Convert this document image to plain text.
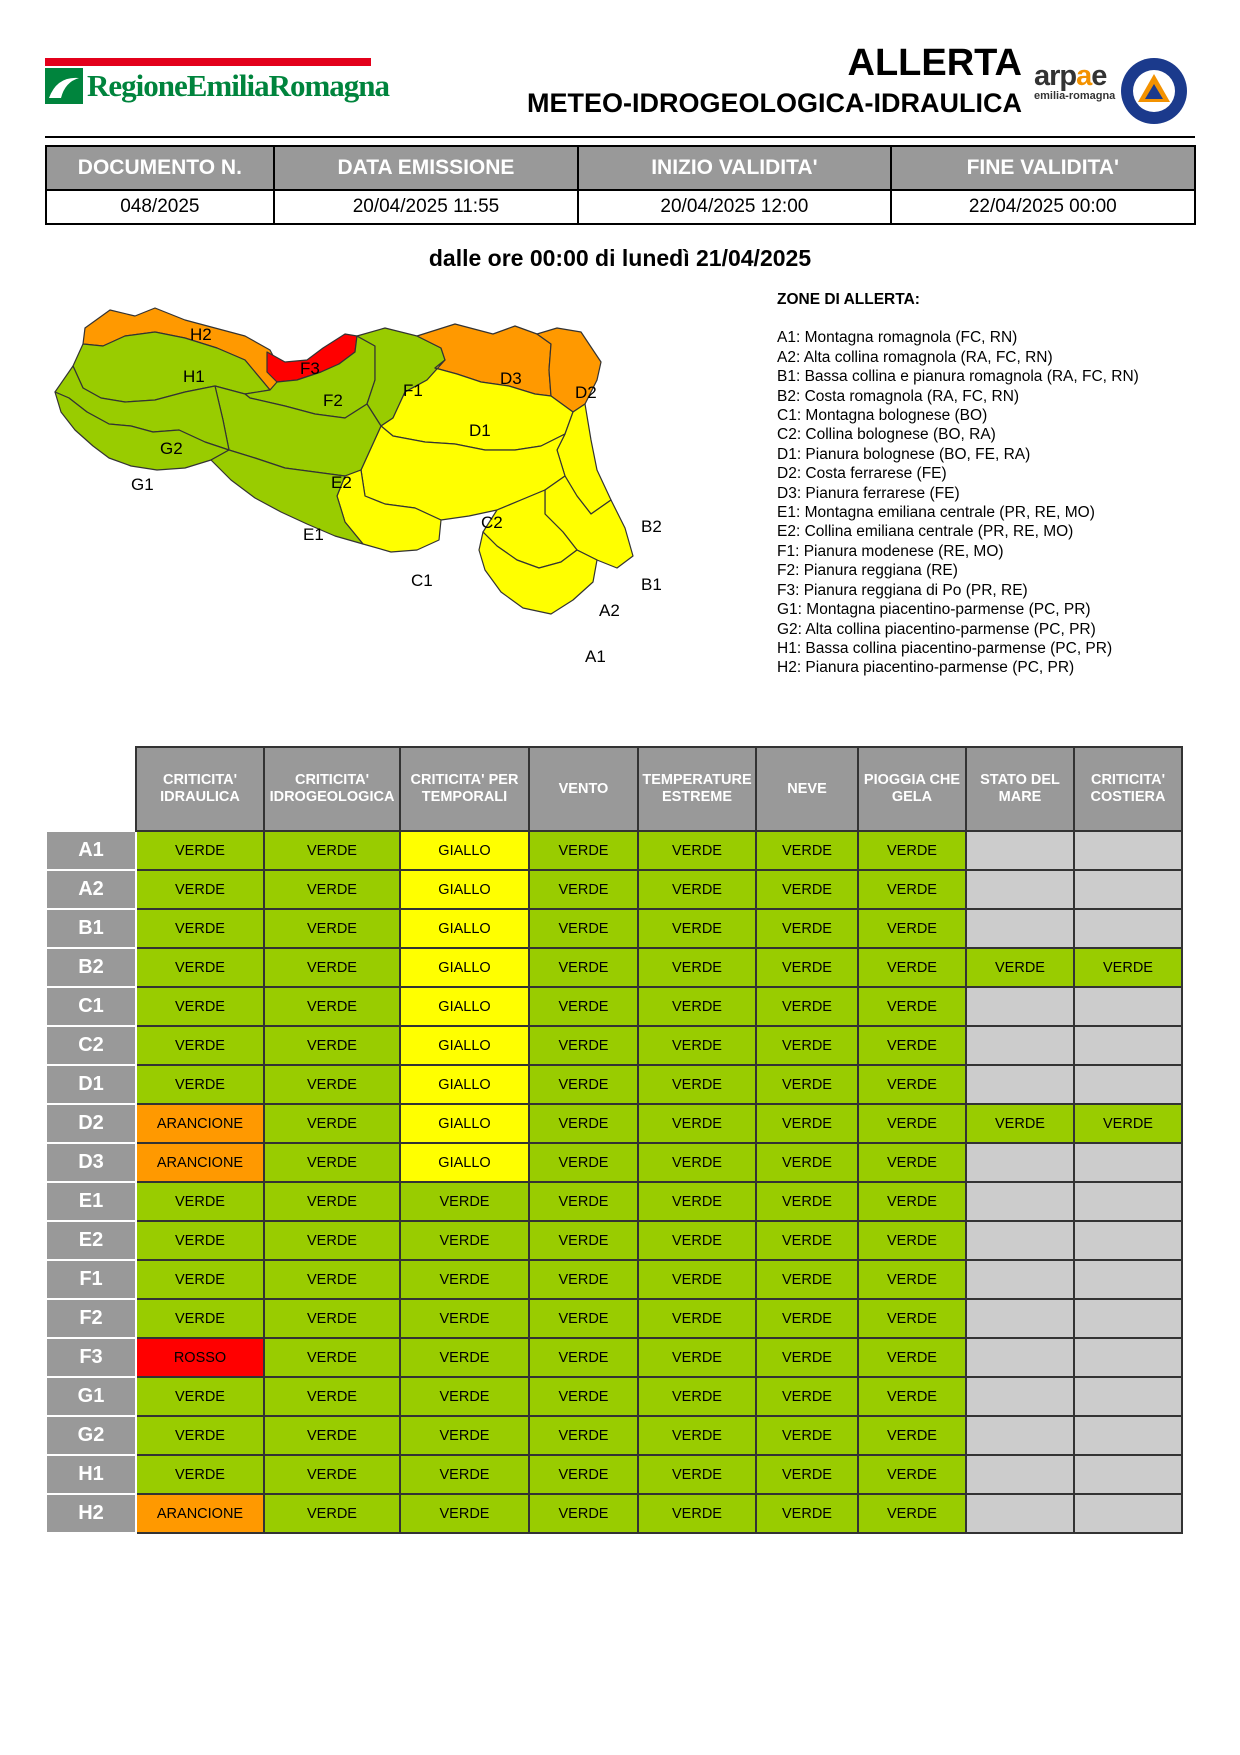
RegioneEmiliaRomagna
ALLERTA
METEO-IDROGEOLOGICA-IDRAULICA
arpae
emilia-romagna
DOCUMENTO N.	DATA EMISSIONE	INIZIO VALIDITA'	FINE VALIDITA'
048/2025	20/04/2025 11:55	20/04/2025 12:00	22/04/2025 00:00
dalle ore 00:00 di lunedì 21/04/2025
H2
F3
H1
F2
F1
D3
D2
D1
G2
E2
G1
C2	B2
E1
C1	B1
A2
A1
ZONE DI ALLERTA:
A1: Montagna romagnola (FC, RN)
A2: Alta collina romagnola (RA, FC, RN)
B1: Bassa collina e pianura romagnola (RA, FC, RN)
B2: Costa romagnola (RA, FC, RN)
C1: Montagna bolognese (BO)
C2: Collina bolognese (BO, RA)
D1: Pianura bolognese (BO, FE, RA)
D2: Costa ferrarese (FE)
D3: Pianura ferrarese (FE)
E1: Montagna emiliana centrale (PR, RE, MO)
E2: Collina emiliana centrale (PR, RE, MO)
F1: Pianura modenese (RE, MO)
F2: Pianura reggiana (RE)
F3: Pianura reggiana di Po (PR, RE)
G1: Montagna piacentino-parmense (PC, PR)
G2: Alta collina piacentino-parmense (PC, PR)
H1: Bassa collina piacentino-parmense (PC, PR)
H2: Pianura piacentino-parmense (PC, PR)
	CRITICITA' IDRAULICA	CRITICITA' IDROGEOLOGICA	CRITICITA' PER TEMPORALI	VENTO	TEMPERATURE ESTREME	NEVE	PIOGGIA CHE GELA	STATO DEL MARE	CRITICITA' COSTIERA
A1	VERDE	VERDE	GIALLO	VERDE	VERDE	VERDE	VERDE		
A2	VERDE	VERDE	GIALLO	VERDE	VERDE	VERDE	VERDE		
B1	VERDE	VERDE	GIALLO	VERDE	VERDE	VERDE	VERDE		
B2	VERDE	VERDE	GIALLO	VERDE	VERDE	VERDE	VERDE	VERDE	VERDE
C1	VERDE	VERDE	GIALLO	VERDE	VERDE	VERDE	VERDE		
C2	VERDE	VERDE	GIALLO	VERDE	VERDE	VERDE	VERDE		
D1	VERDE	VERDE	GIALLO	VERDE	VERDE	VERDE	VERDE		
D2	ARANCIONE	VERDE	GIALLO	VERDE	VERDE	VERDE	VERDE	VERDE	VERDE
D3	ARANCIONE	VERDE	GIALLO	VERDE	VERDE	VERDE	VERDE		
E1	VERDE	VERDE	VERDE	VERDE	VERDE	VERDE	VERDE		
E2	VERDE	VERDE	VERDE	VERDE	VERDE	VERDE	VERDE		
F1	VERDE	VERDE	VERDE	VERDE	VERDE	VERDE	VERDE		
F2	VERDE	VERDE	VERDE	VERDE	VERDE	VERDE	VERDE		
F3	ROSSO	VERDE	VERDE	VERDE	VERDE	VERDE	VERDE		
G1	VERDE	VERDE	VERDE	VERDE	VERDE	VERDE	VERDE		
G2	VERDE	VERDE	VERDE	VERDE	VERDE	VERDE	VERDE		
H1	VERDE	VERDE	VERDE	VERDE	VERDE	VERDE	VERDE		
H2	ARANCIONE	VERDE	VERDE	VERDE	VERDE	VERDE	VERDE		
